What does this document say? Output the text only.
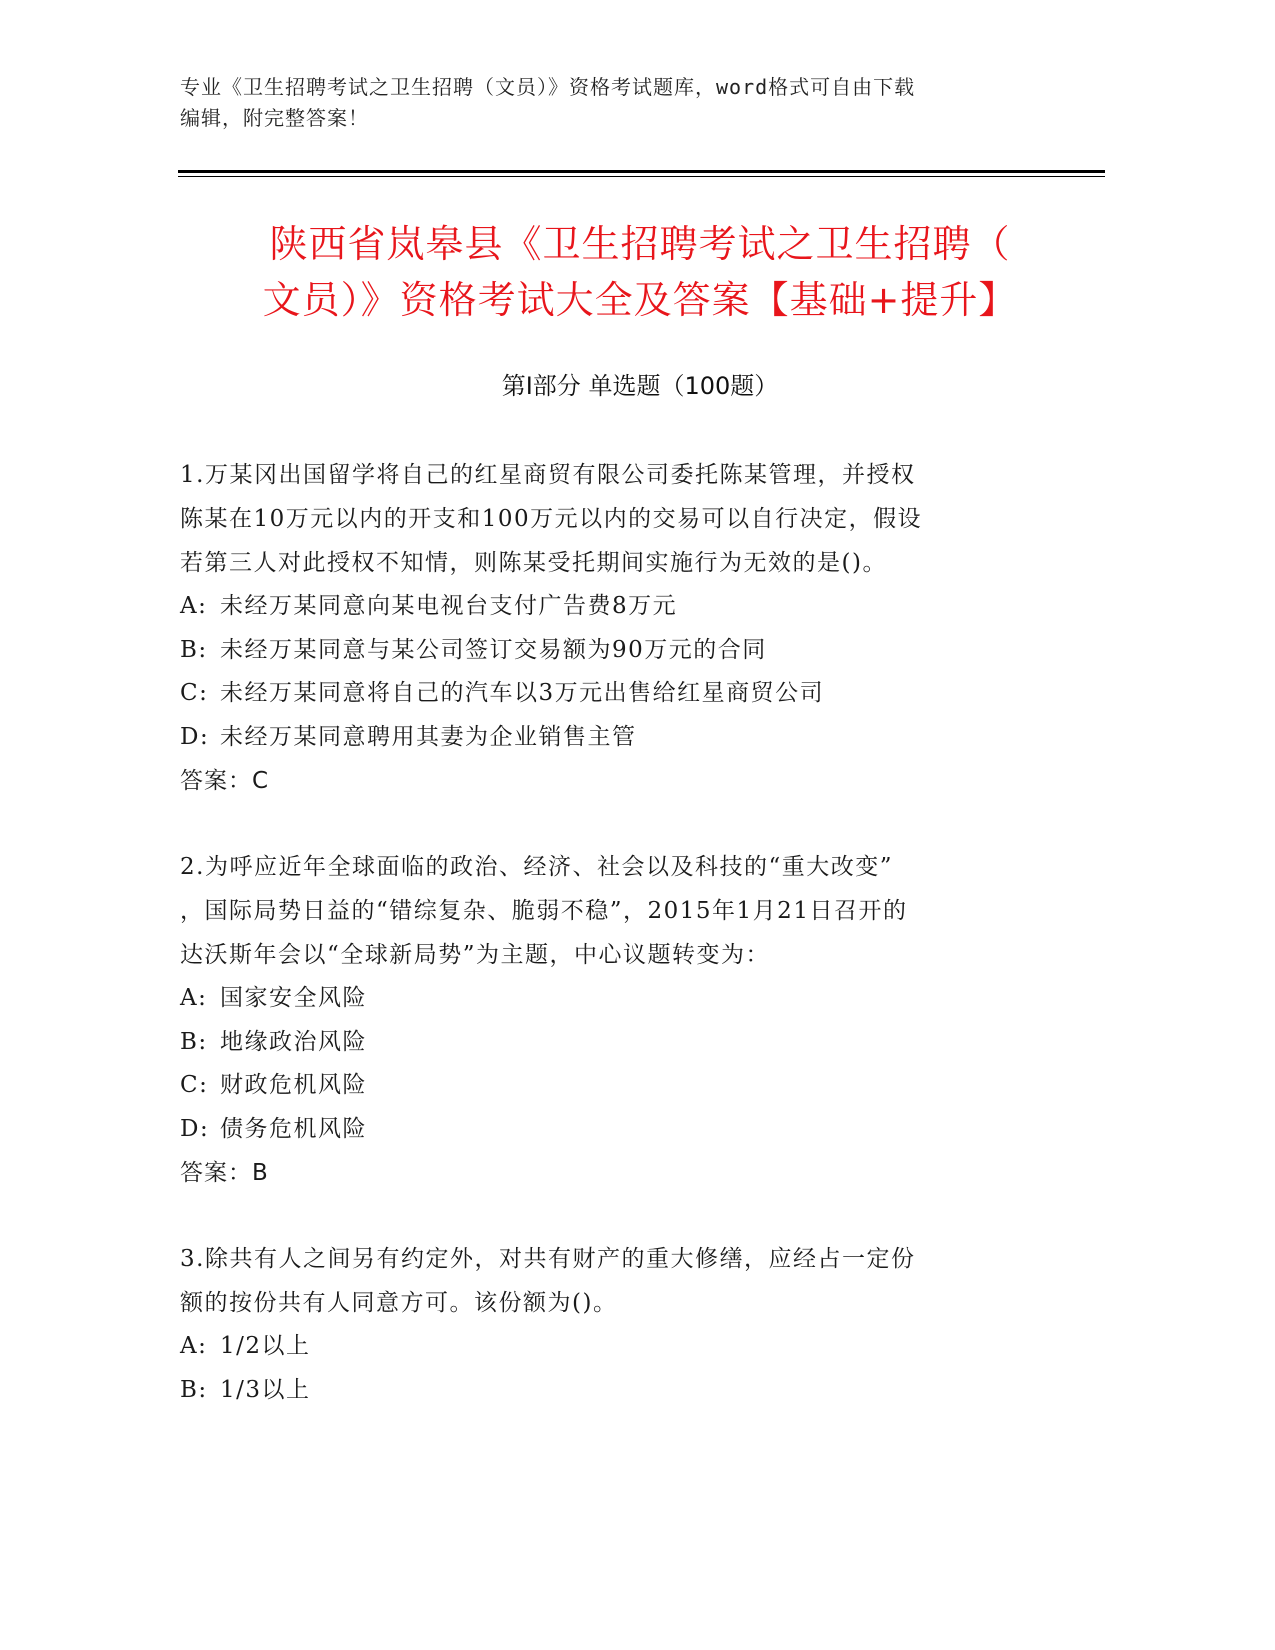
专业《卫生招聘考试之卫生招聘（文员）》资格考试题库，word格式可自由下载
编辑，附完整答案！
陕西省岚皋县《卫生招聘考试之卫生招聘（
文员）》资格考试大全及答案【基础+提升】
第Ⅰ部分 单选题（100题）

1.万某冈出国留学将自己的红星商贸有限公司委托陈某管理，并授权

陈某在10万元以内的开支和100万元以内的交易可以自行决定，假设

若第三人对此授权不知情，则陈某受托期间实施行为无效的是()。

A: 未经万某同意向某电视台支付广告费8万元

B: 未经万某同意与某公司签订交易额为90万元的合同

C: 未经万某同意将自己的汽车以3万元出售给红星商贸公司

D: 未经万某同意聘用其妻为企业销售主管

答案：C

2.为呼应近年全球面临的政治、经济、社会以及科技的“重大改变”

，国际局势日益的“错综复杂、脆弱不稳”，2015年1月21日召开的

达沃斯年会以“全球新局势”为主题，中心议题转变为：

A: 国家安全风险

B: 地缘政治风险

C: 财政危机风险

D: 债务危机风险

答案：B

3.除共有人之间另有约定外，对共有财产的重大修缮，应经占一定份

额的按份共有人同意方可。该份额为()。

A: 1/2以上

B: 1/3以上
